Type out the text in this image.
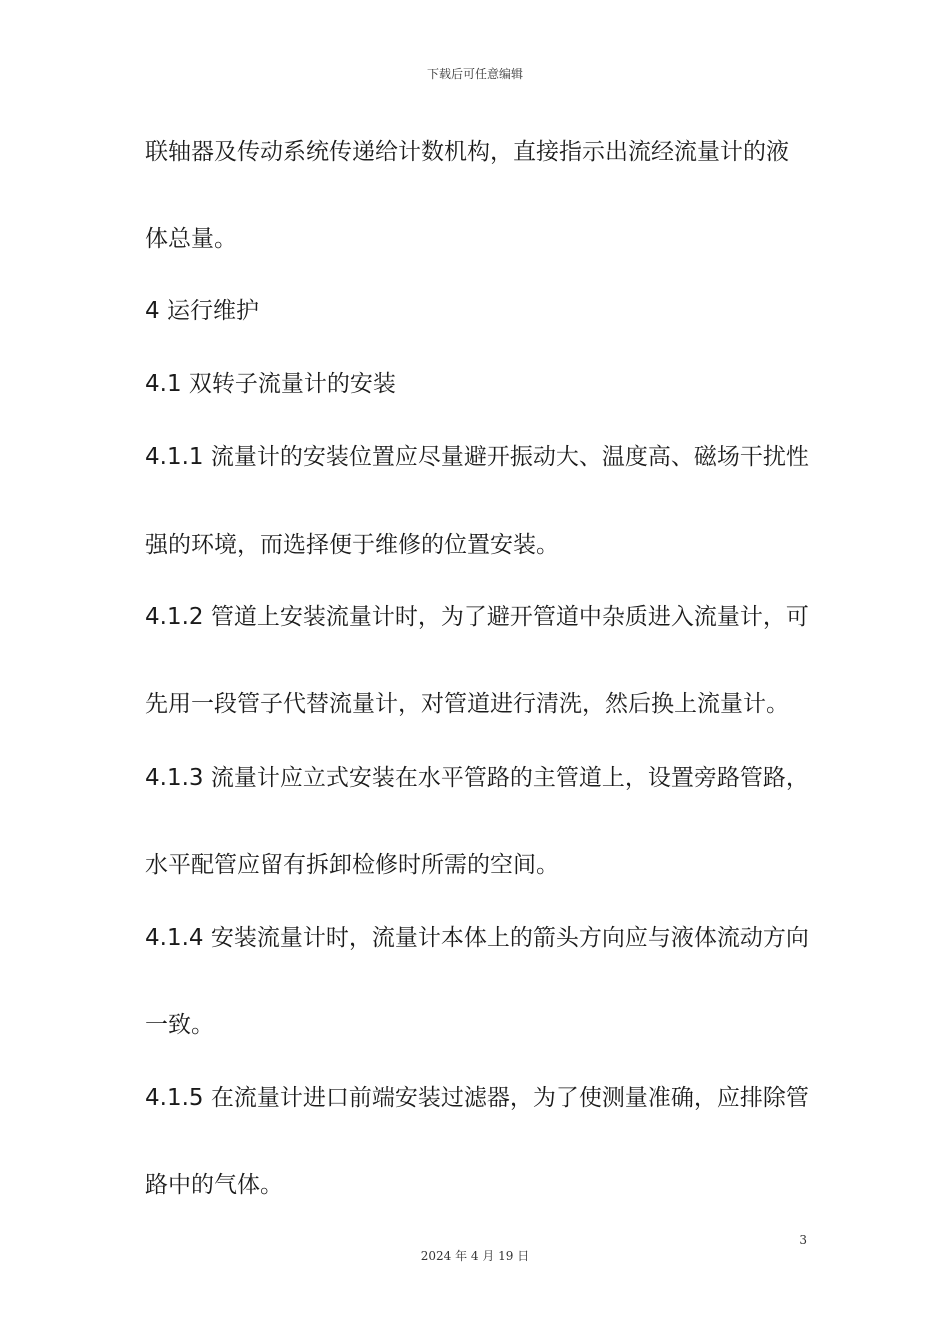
下载后可任意编辑
联轴器及传动系统传递给计数机构，直接指示出流经流量计的液
体总量。
4 运行维护
4.1 双转子流量计的安装
4.1.1 流量计的安装位置应尽量避开振动大、温度高、磁场干扰性
强的环境，而选择便于维修的位置安装。
4.1.2 管道上安装流量计时，为了避开管道中杂质进入流量计，可
先用一段管子代替流量计，对管道进行清洗，然后换上流量计。
4.1.3 流量计应立式安装在水平管路的主管道上，设置旁路管路，
水平配管应留有拆卸检修时所需的空间。
4.1.4 安装流量计时，流量计本体上的箭头方向应与液体流动方向
一致。
4.1.5 在流量计进口前端安装过滤器，为了使测量准确，应排除管
路中的气体。
3
2024 年 4 月 19 日
